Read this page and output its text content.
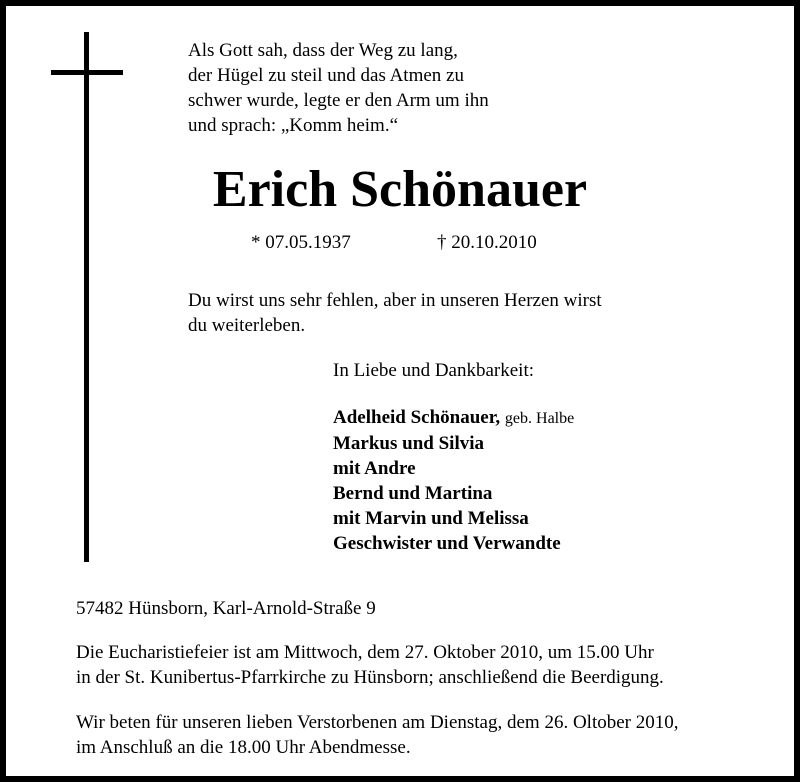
Als Gott sah, dass der Weg zu lang,
der Hügel zu steil und das Atmen zu
schwer wurde, legte er den Arm um ihn
und sprach: „Komm heim.“
Erich Schönauer
* 07.05.1937	† 20.10.2010
Du wirst uns sehr fehlen, aber in unseren Herzen wirst
du weiterleben.
In Liebe und Dankbarkeit:
Adelheid Schönauer, geb. Halbe
Markus und Silvia
mit Andre
Bernd und Martina
mit Marvin und Melissa
Geschwister und Verwandte
57482 Hünsborn, Karl-Arnold-Straße 9
Die Eucharistiefeier ist am Mittwoch, dem 27. Oktober 2010, um 15.00 Uhr
in der St. Kunibertus-Pfarrkirche zu Hünsborn; anschließend die Beerdigung.
Wir beten für unseren lieben Verstorbenen am Dienstag, dem 26. Oltober 2010,
im Anschluß an die 18.00 Uhr Abendmesse.
